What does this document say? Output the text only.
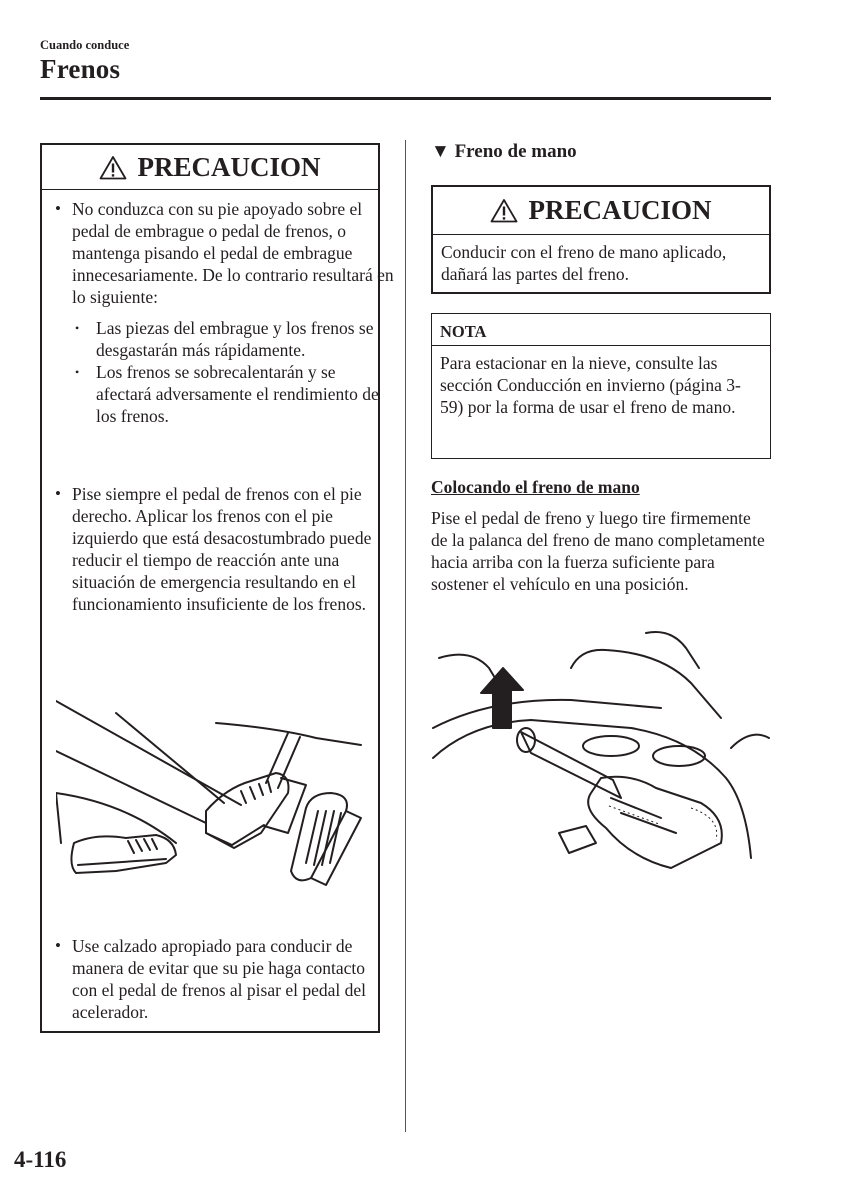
Cuando conduce
Frenos
PRECAUCION
• No conduzca con su pie apoyado sobre el pedal de embrague o pedal de frenos, o mantenga pisando el pedal de embrague innecesariamente. De lo contrario resultará en lo siguiente:
• Las piezas del embrague y los frenos se desgastarán más rápidamente.
• Los frenos se sobrecalentarán y se afectará adversamente el rendimiento de los frenos.
• Pise siempre el pedal de frenos con el pie derecho. Aplicar los frenos con el pie izquierdo que está desacostumbrado puede reducir el tiempo de reacción ante una situación de emergencia resultando en el funcionamiento insuficiente de los frenos.
• Use calzado apropiado para conducir de manera de evitar que su pie haga contacto con el pedal de frenos al pisar el pedal del acelerador.
▼ Freno de mano
PRECAUCION
Conducir con el freno de mano aplicado, dañará las partes del freno.
NOTA
Para estacionar en la nieve, consulte las sección Conducción en invierno (página 3-59) por la forma de usar el freno de mano.
Colocando el freno de mano
Pise el pedal de freno y luego tire firmemente de la palanca del freno de mano completamente hacia arriba con la fuerza suficiente para sostener el vehículo en una posición.
4-116
